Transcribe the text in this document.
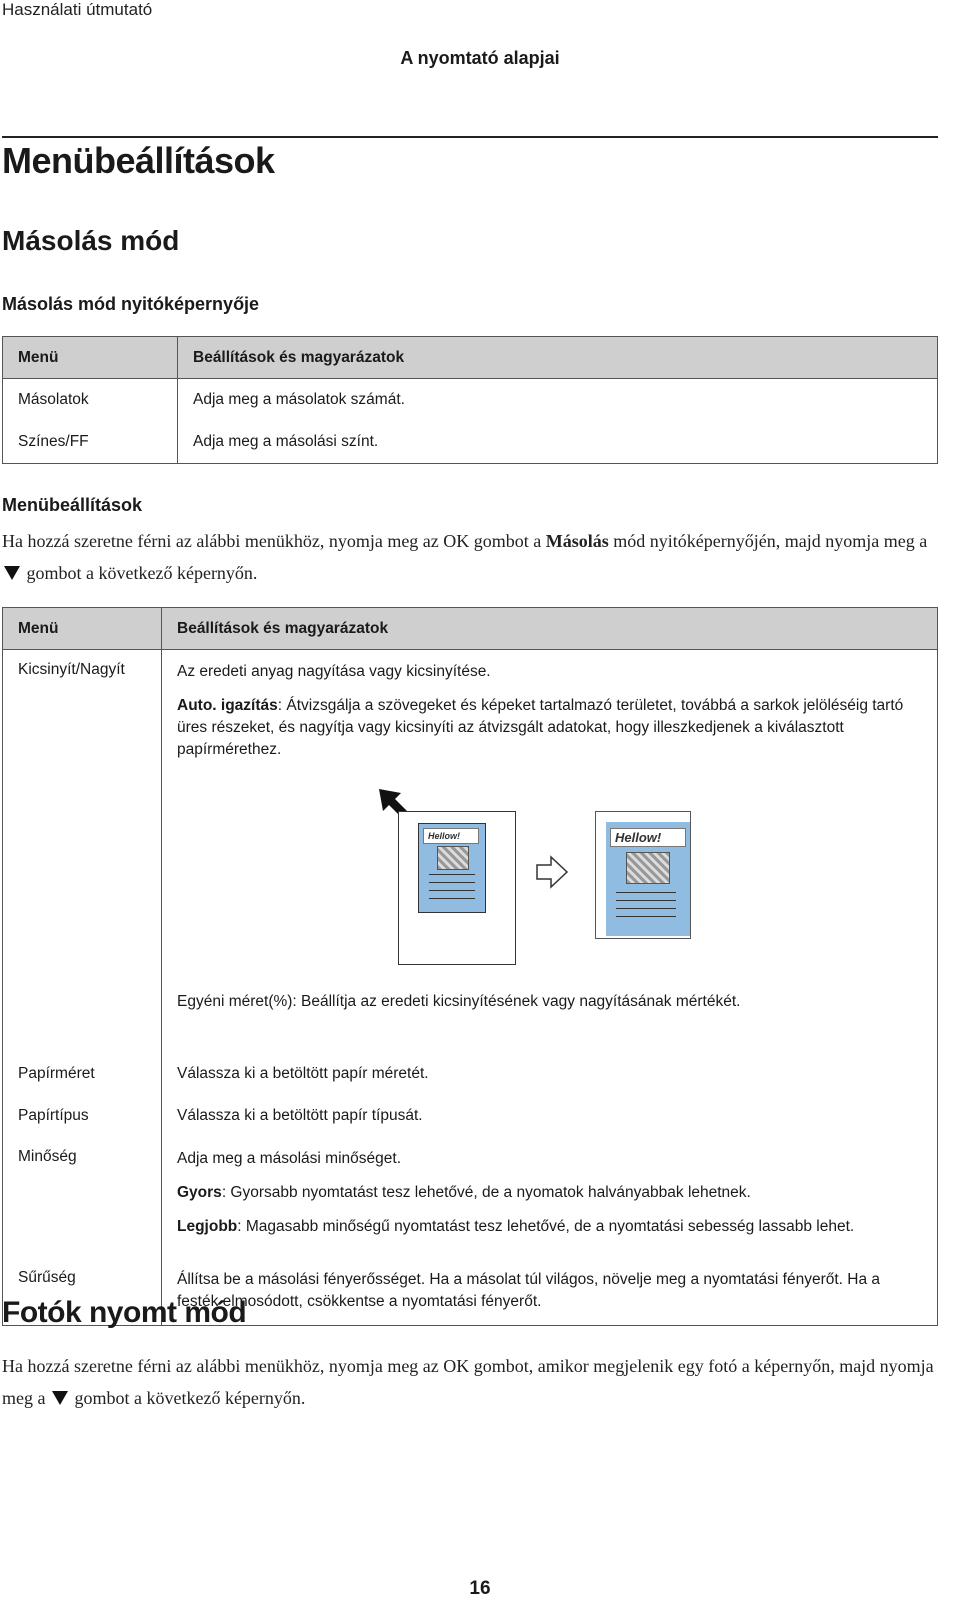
Használati útmutató
A nyomtató alapjai
Menübeállítások
Másolás mód
Másolás mód nyitóképernyője
Menü	Beállítások és magyarázatok
Másolatok	Adja meg a másolatok számát.
Színes/FF	Adja meg a másolási színt.
Menübeállítások
Ha hozzá szeretne férni az alábbi menükhöz, nyomja meg az OK gombot a Másolás mód nyitóképernyőjén, majd nyomja meg a  gombot a következő képernyőn.
Menü	Beállítások és magyarázatok
Kicsinyít/Nagyít	Az eredeti anyag nagyítása vagy kicsinyítése.

Auto. igazítás: Átvizsgálja a szövegeket és képeket tartalmazó területet, továbbá a sarkok jelöléséig tartó üres részeket, és nagyítja vagy kicsinyíti az átvizsgált adatokat, hogy illeszkedjenek a kiválasztott papírmérethez.

Hellow! Hellow!

Egyéni méret(%): Beállítja az eredeti kicsinyítésének vagy nagyításának mértékét.

Papírméret	Válassza ki a betöltött papír méretét.
Papírtípus	Válassza ki a betöltött papír típusát.
Minőség	Adja meg a másolási minőséget.

Gyors: Gyorsabb nyomtatást tesz lehetővé, de a nyomatok halványabbak lehetnek.

Legjobb: Magasabb minőségű nyomtatást tesz lehetővé, de a nyomtatási sebesség lassabb lehet.

Sűrűség	Állítsa be a másolási fényerősséget. Ha a másolat túl világos, növelje meg a nyomtatási fényerőt. Ha a festék elmosódott, csökkentse a nyomtatási fényerőt.

Fotók nyomt mód
Ha hozzá szeretne férni az alábbi menükhöz, nyomja meg az OK gombot, amikor megjelenik egy fotó a képernyőn, majd nyomja meg a  gombot a következő képernyőn.
16
